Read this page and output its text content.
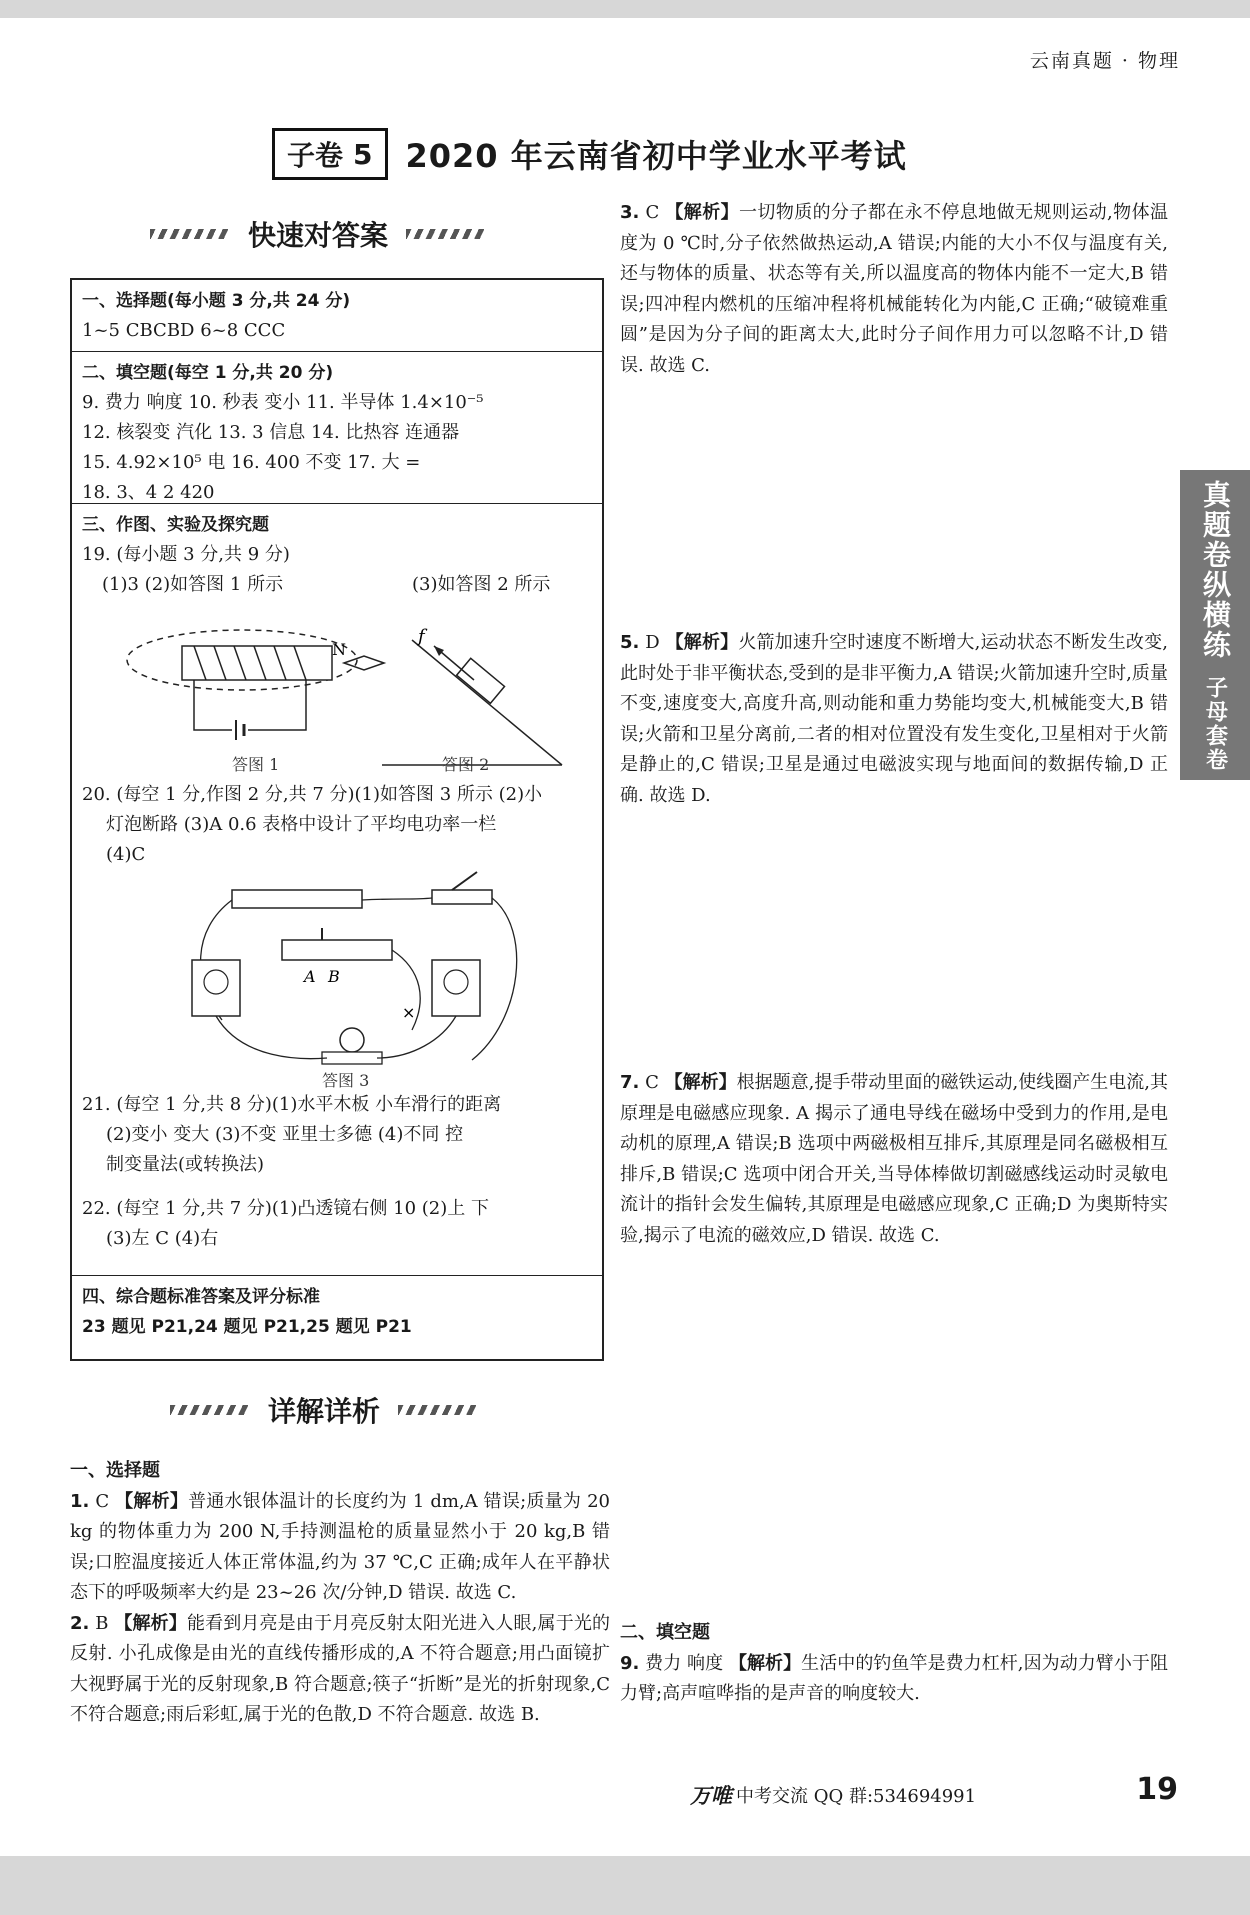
云南真题 · 物理
子卷 5 2020 年云南省初中学业水平考试
真题卷纵横练
子母套卷
快速对答案
一、选择题(每小题 3 分,共 24 分)
1~5 CBCBD 6~8 CCC
二、填空题(每空 1 分,共 20 分)
9. 费力 响度 10. 秒表 变小 11. 半导体 1.4×10⁻⁵
12. 核裂变 汽化 13. 3 信息 14. 比热容 连通器
15. 4.92×10⁵ 电 16. 400 不变 17. 大 =
18. 3、4 2 420
三、作图、实验及探究题
19. (每小题 3 分,共 9 分)
(1)3 (2)如答图 1 所示	(3)如答图 2 所示
N
f
答图 1	答图 2
20. (每空 1 分,作图 2 分,共 7 分)(1)如答图 3 所示 (2)小
灯泡断路 (3)A 0.6 表格中设计了平均电功率一栏
(4)C
A B
×
答图 3
21. (每空 1 分,共 8 分)(1)水平木板 小车滑行的距离
(2)变小 变大 (3)不变 亚里士多德 (4)不同 控
制变量法(或转换法)
22. (每空 1 分,共 7 分)(1)凸透镜右侧 10 (2)上 下
(3)左 C (4)右
四、综合题标准答案及评分标准
23 题见 P21,24 题见 P21,25 题见 P21
详解详析
一、选择题

1. C 【解析】普通水银体温计的长度约为 1 dm,A 错误;质量为 20 kg 的物体重力为 200 N,手持测温枪的质量显然小于 20 kg,B 错误;口腔温度接近人体正常体温,约为 37 ℃,C 正确;成年人在平静状态下的呼吸频率大约是 23~26 次/分钟,D 错误. 故选 C.

2. B 【解析】能看到月亮是由于月亮反射太阳光进入人眼,属于光的反射. 小孔成像是由光的直线传播形成的,A 不符合题意;用凸面镜扩大视野属于光的反射现象,B 符合题意;筷子“折断”是光的折射现象,C 不符合题意;雨后彩虹,属于光的色散,D 不符合题意. 故选 B.

3. C 【解析】一切物质的分子都在永不停息地做无规则运动,物体温度为 0 ℃时,分子依然做热运动,A 错误;内能的大小不仅与温度有关,还与物体的质量、状态等有关,所以温度高的物体内能不一定大,B 错误;四冲程内燃机的压缩冲程将机械能转化为内能,C 正确;“破镜难重圆”是因为分子间的距离太大,此时分子间作用力可以忽略不计,D 错误. 故选 C.

5. D 【解析】火箭加速升空时速度不断增大,运动状态不断发生改变,此时处于非平衡状态,受到的是非平衡力,A 错误;火箭加速升空时,质量不变,速度变大,高度升高,则动能和重力势能均变大,机械能变大,B 错误;火箭和卫星分离前,二者的相对位置没有发生变化,卫星相对于火箭是静止的,C 错误;卫星是通过电磁波实现与地面间的数据传输,D 正确. 故选 D.

7. C 【解析】根据题意,提手带动里面的磁铁运动,使线圈产生电流,其原理是电磁感应现象. A 揭示了通电导线在磁场中受到力的作用,是电动机的原理,A 错误;B 选项中两磁极相互排斥,其原理是同名磁极相互排斥,B 错误;C 选项中闭合开关,当导体棒做切割磁感线运动时灵敏电流计的指针会发生偏转,其原理是电磁感应现象,C 正确;D 为奥斯特实验,揭示了电流的磁效应,D 错误. 故选 C.

二、填空题

9. 费力 响度 【解析】生活中的钓鱼竿是费力杠杆,因为动力臂小于阻力臂;高声喧哗指的是声音的响度较大.

万唯 中考交流 QQ 群:534694991	19
